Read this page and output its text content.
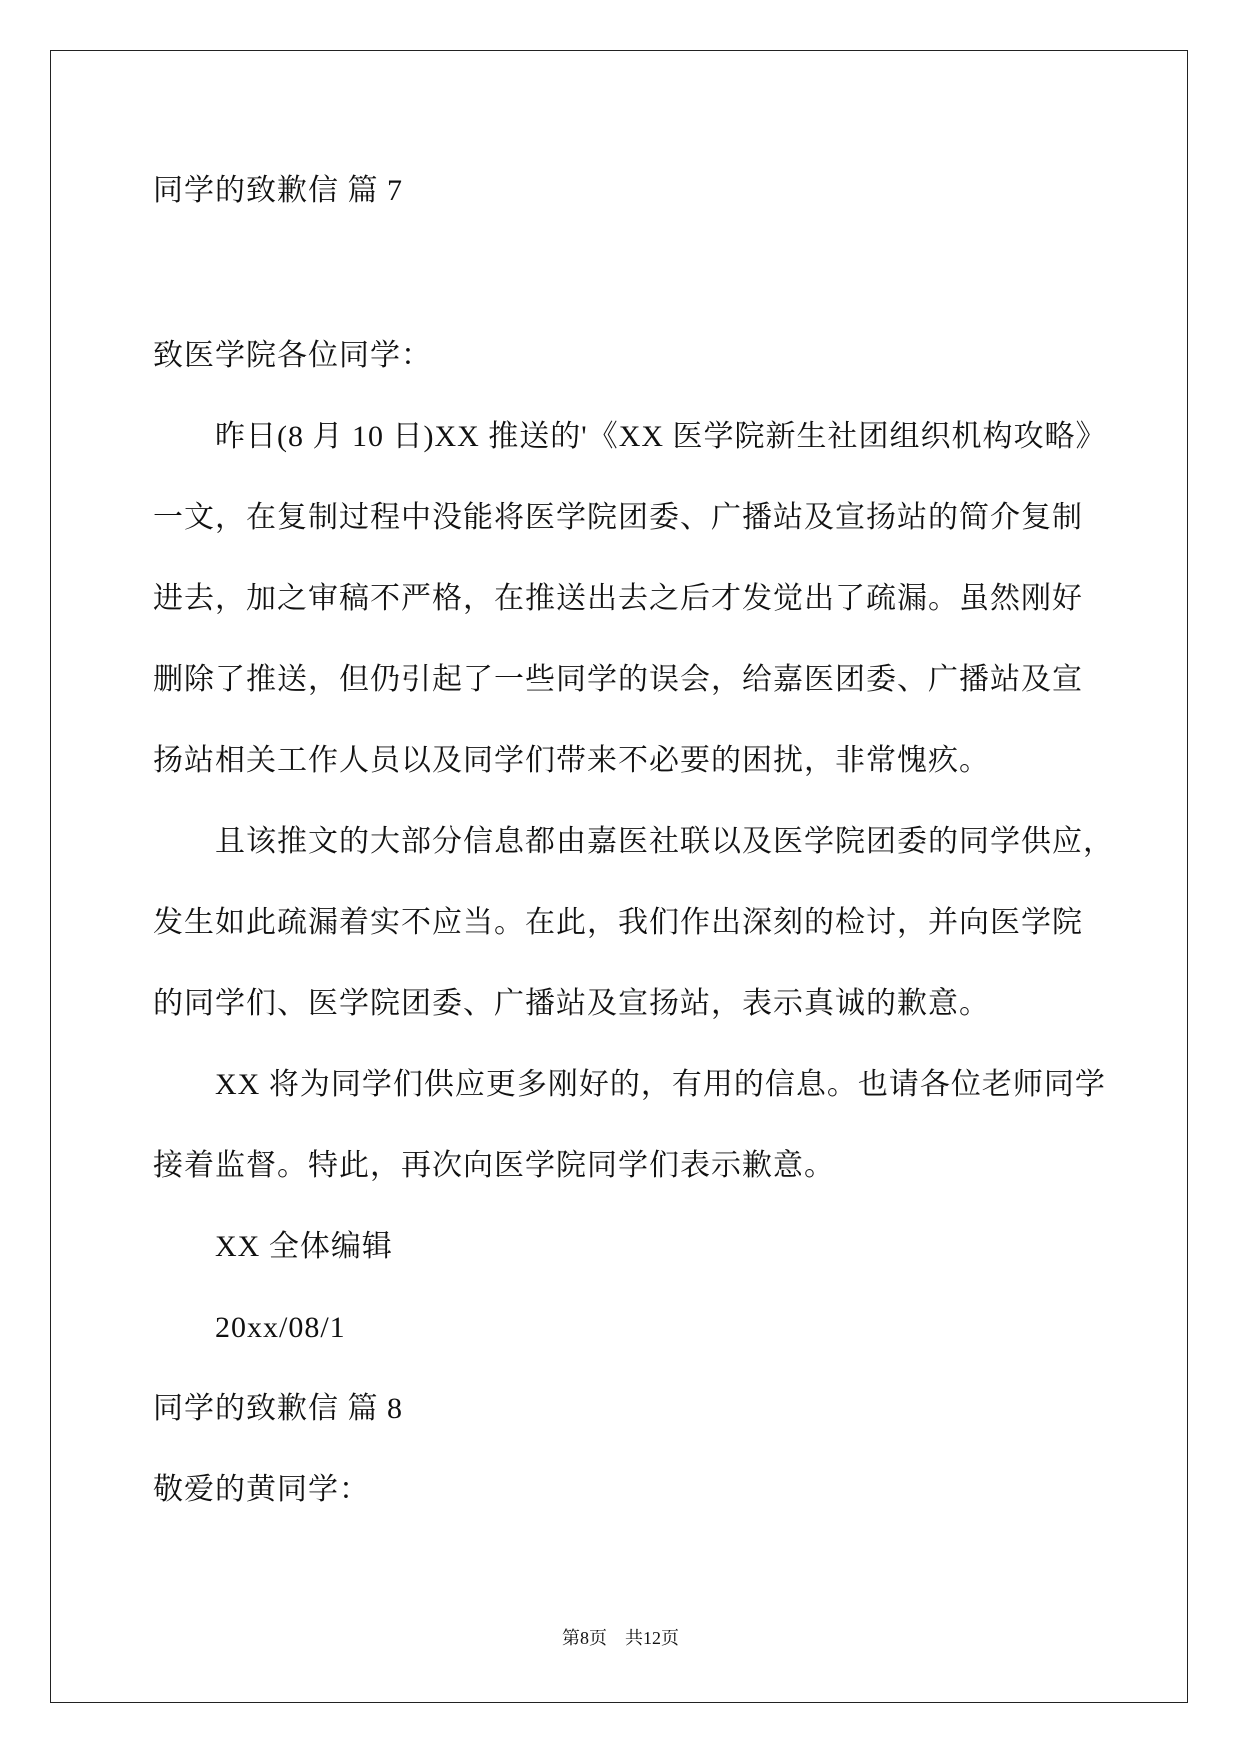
同学的致歉信 篇 7
致医学院各位同学：
昨日(8 月 10 日)XX 推送的'《XX 医学院新生社团组织机构攻略》
一文，在复制过程中没能将医学院团委、广播站及宣扬站的简介复制
进去，加之审稿不严格，在推送出去之后才发觉出了疏漏。虽然刚好
删除了推送，但仍引起了一些同学的误会，给嘉医团委、广播站及宣
扬站相关工作人员以及同学们带来不必要的困扰，非常愧疚。
且该推文的大部分信息都由嘉医社联以及医学院团委的同学供应，
发生如此疏漏着实不应当。在此，我们作出深刻的检讨，并向医学院
的同学们、医学院团委、广播站及宣扬站，表示真诚的歉意。
XX 将为同学们供应更多刚好的，有用的信息。也请各位老师同学
接着监督。特此，再次向医学院同学们表示歉意。
XX 全体编辑
20xx/08/1
同学的致歉信 篇 8
敬爱的黄同学：
第8页 共12页
